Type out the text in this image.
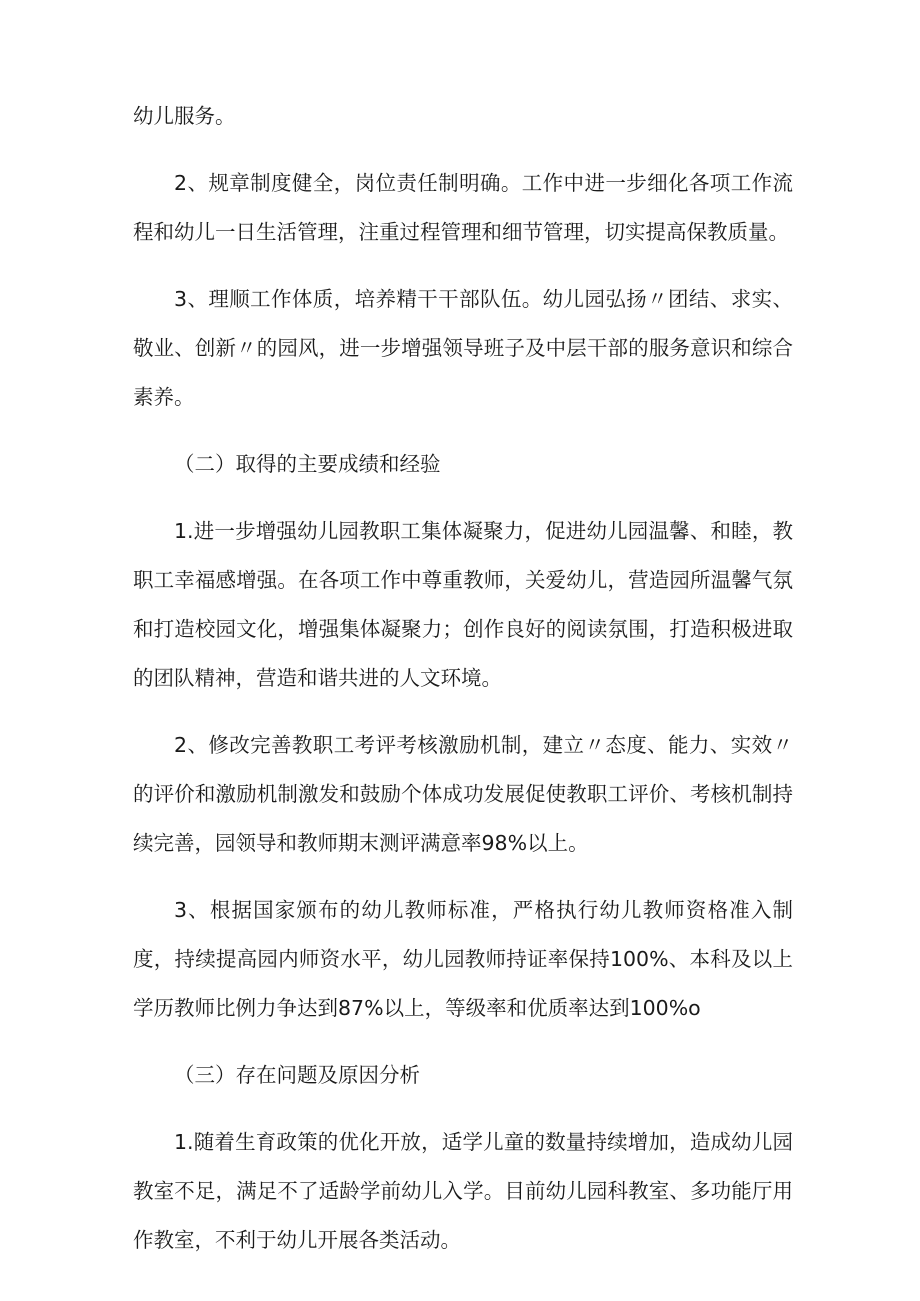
幼儿服务。

2、规章制度健全，岗位责任制明确。工作中进一步细化各项工作流程和幼儿一日生活管理，注重过程管理和细节管理，切实提高保教质量。

3、理顺工作体质，培养精干干部队伍。幼儿园弘扬〃团结、求实、敬业、创新〃的园风，进一步增强领导班子及中层干部的服务意识和综合素养。

（二）取得的主要成绩和经验

1.进一步增强幼儿园教职工集体凝聚力，促进幼儿园温馨、和睦，教职工幸福感增强。在各项工作中尊重教师，关爱幼儿，营造园所温馨气氛和打造校园文化，增强集体凝聚力；创作良好的阅读氛围，打造积极进取的团队精神，营造和谐共进的人文环境。

2、修改完善教职工考评考核激励机制，建立〃态度、能力、实效〃的评价和激励机制激发和鼓励个体成功发展促使教职工评价、考核机制持续完善，园领导和教师期末测评满意率98%以上。

3、根据国家颁布的幼儿教师标准，严格执行幼儿教师资格准入制度，持续提高园内师资水平，幼儿园教师持证率保持100%、本科及以上学历教师比例力争达到87%以上，等级率和优质率达到100%o

（三）存在问题及原因分析

1.随着生育政策的优化开放，适学儿童的数量持续增加，造成幼儿园教室不足，满足不了适龄学前幼儿入学。目前幼儿园科教室、多功能厅用作教室，不利于幼儿开展各类活动。
